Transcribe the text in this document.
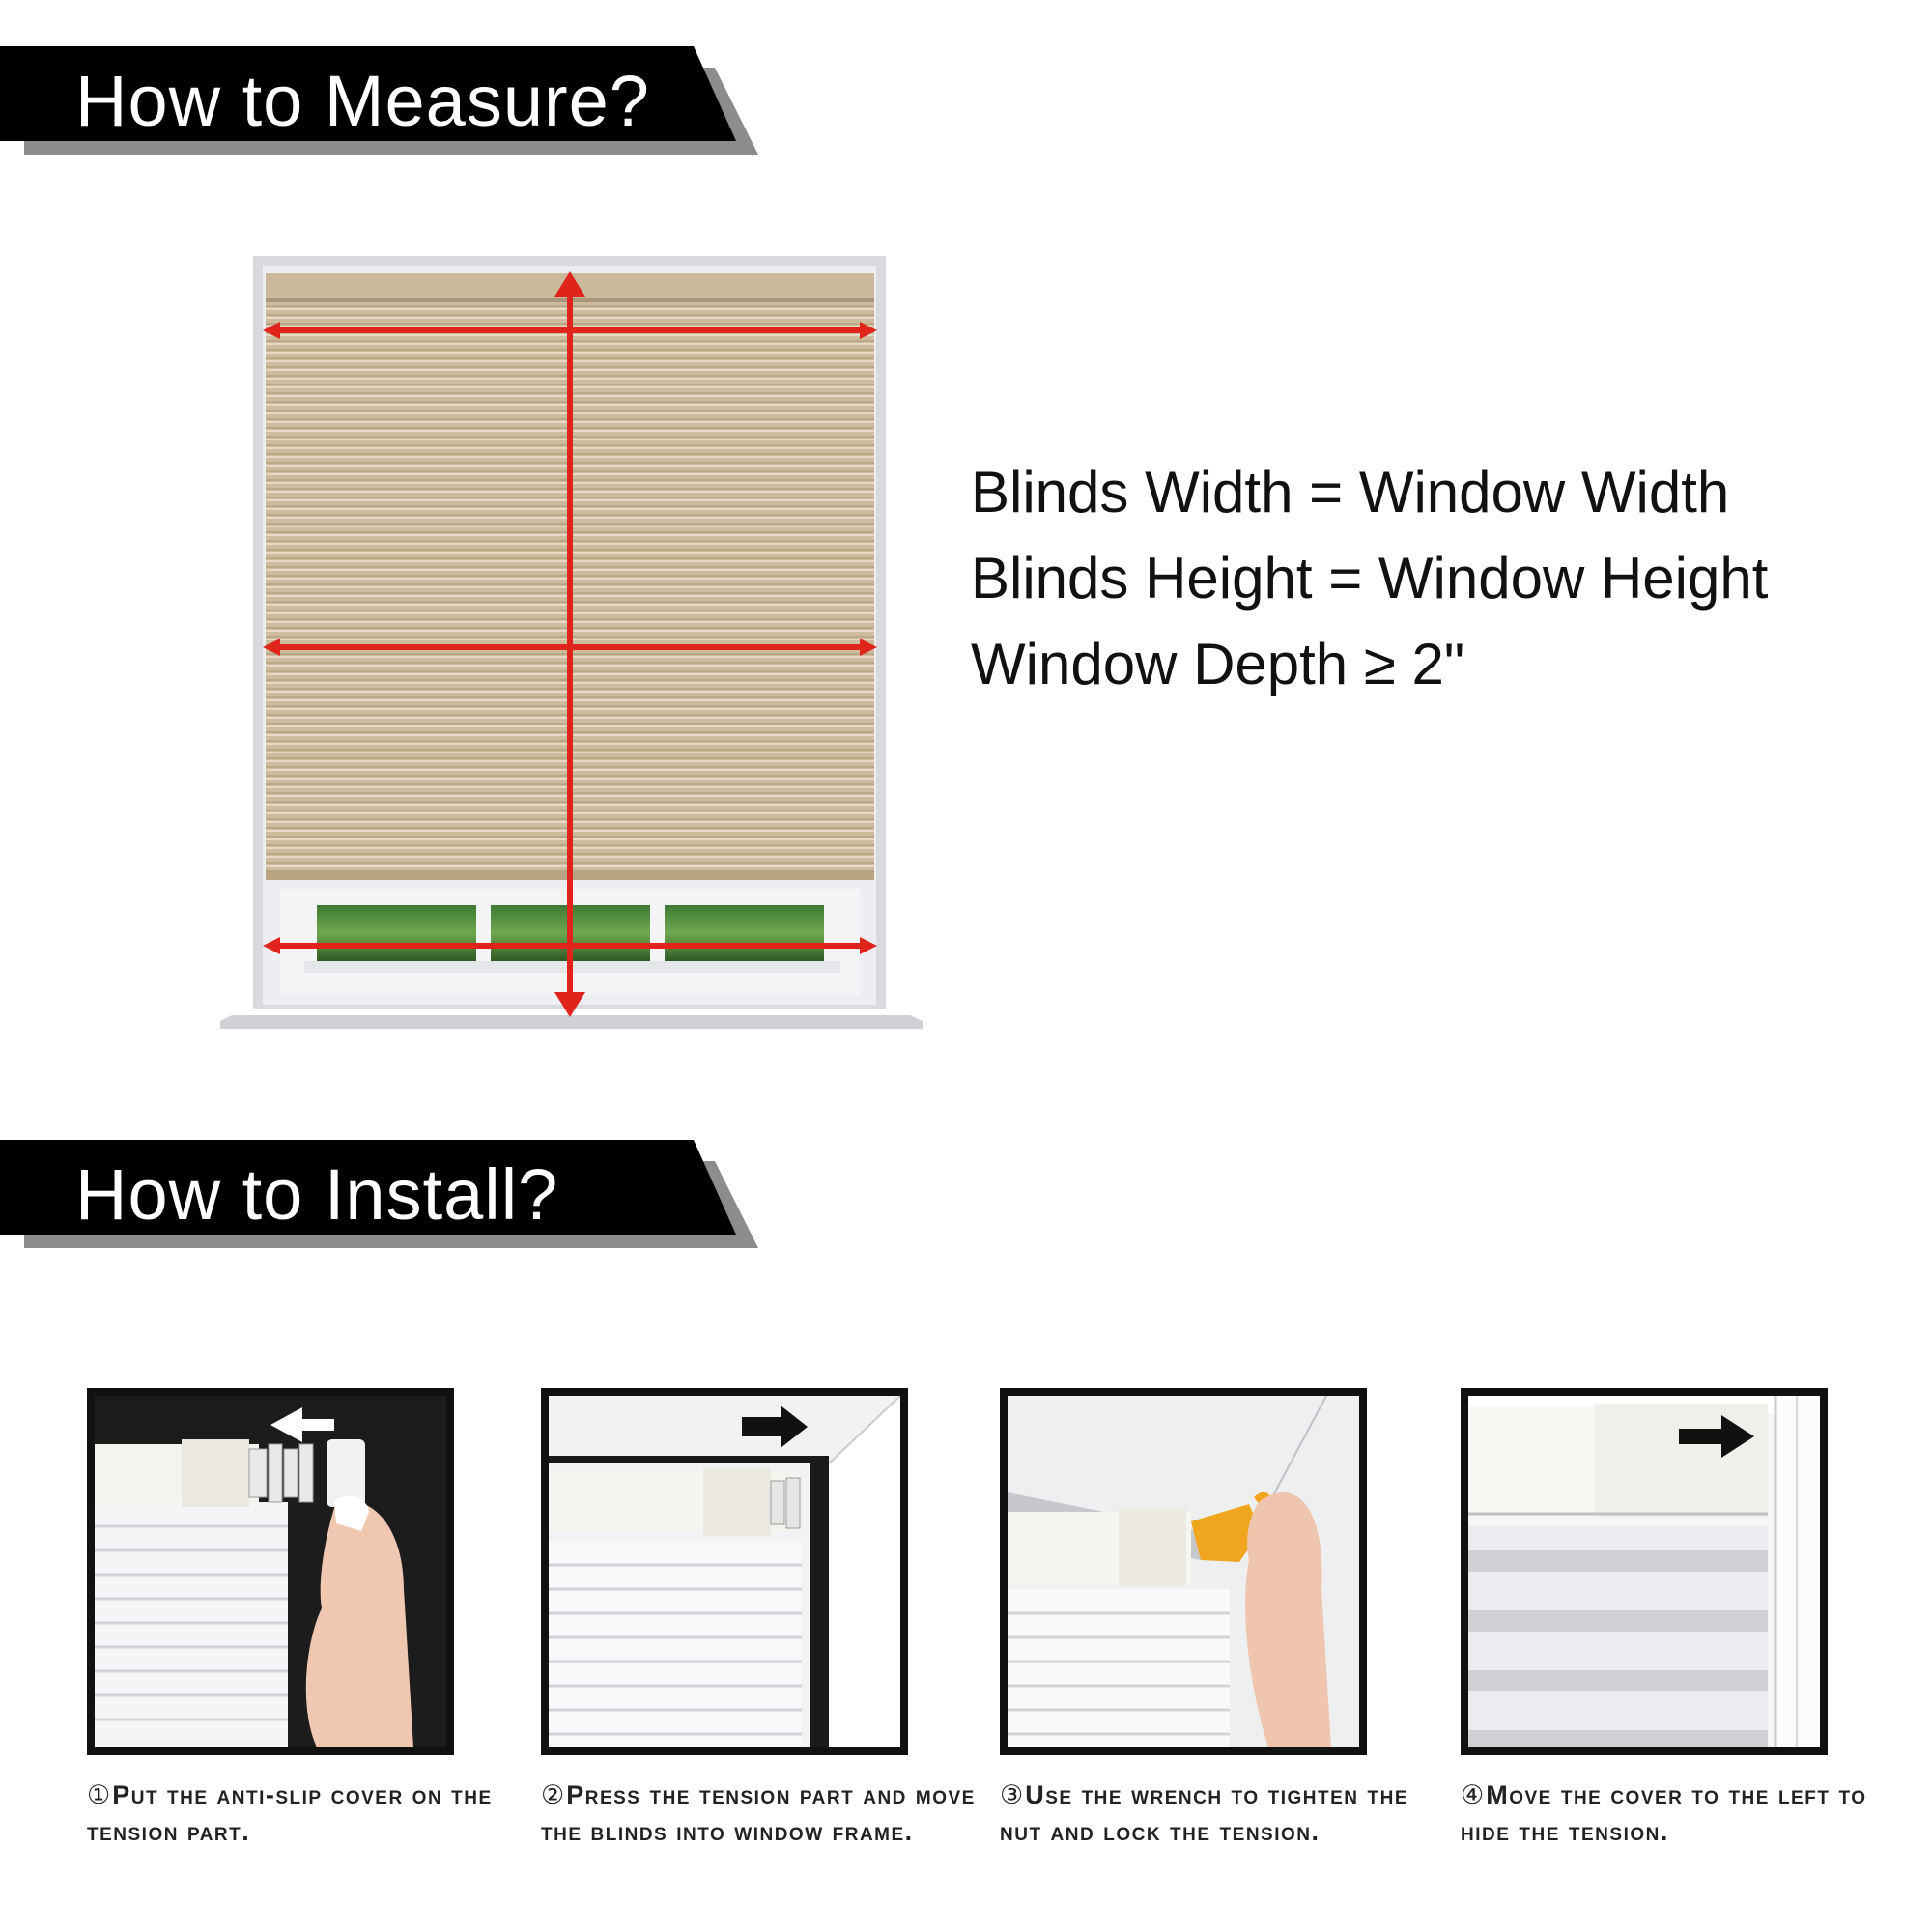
How to Measure?
Blinds Width = Window Width
Blinds Height = Window Height
Window Depth ≥ 2"
How to Install?
①Put the anti-slip cover on the tension part.
②Press the tension part and move the blinds into window frame.
③Use the wrench to tighten the nut and lock the tension.
④Move the cover to the left to hide the tension.
